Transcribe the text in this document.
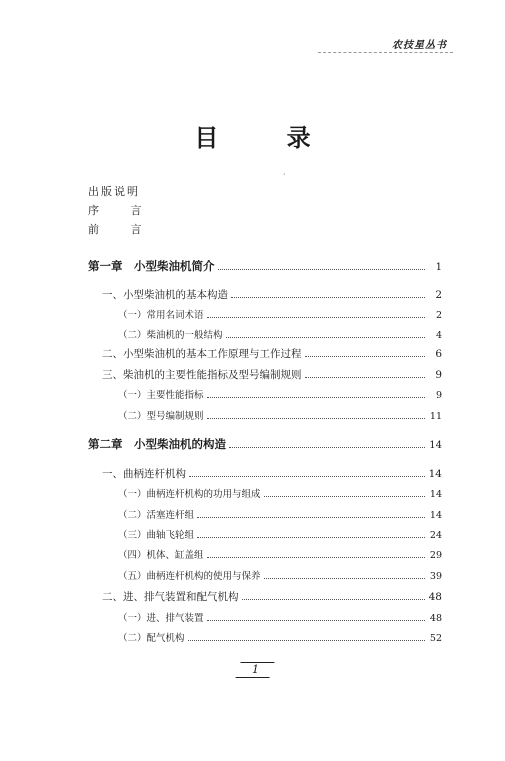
农技星丛书
目 录
·
出版说明
序 言
前 言
第一章　小型柴油机简介	1
一、小型柴油机的基本构造	2
（一）常用名词术语	2
（二）柴油机的一般结构	4
二、小型柴油机的基本工作原理与工作过程	6
三、柴油机的主要性能指标及型号编制规则	9
（一）主要性能指标	9
（二）型号编制规则	11
第二章　小型柴油机的构造	14
一、曲柄连杆机构	14
（一）曲柄连杆机构的功用与组成	14
（二）活塞连杆组	14
（三）曲轴飞轮组	24
（四）机体、缸盖组	29
（五）曲柄连杆机构的使用与保养	39
二、进、排气装置和配气机构	48
（一）进、排气装置	48
（二）配气机构	52
1
